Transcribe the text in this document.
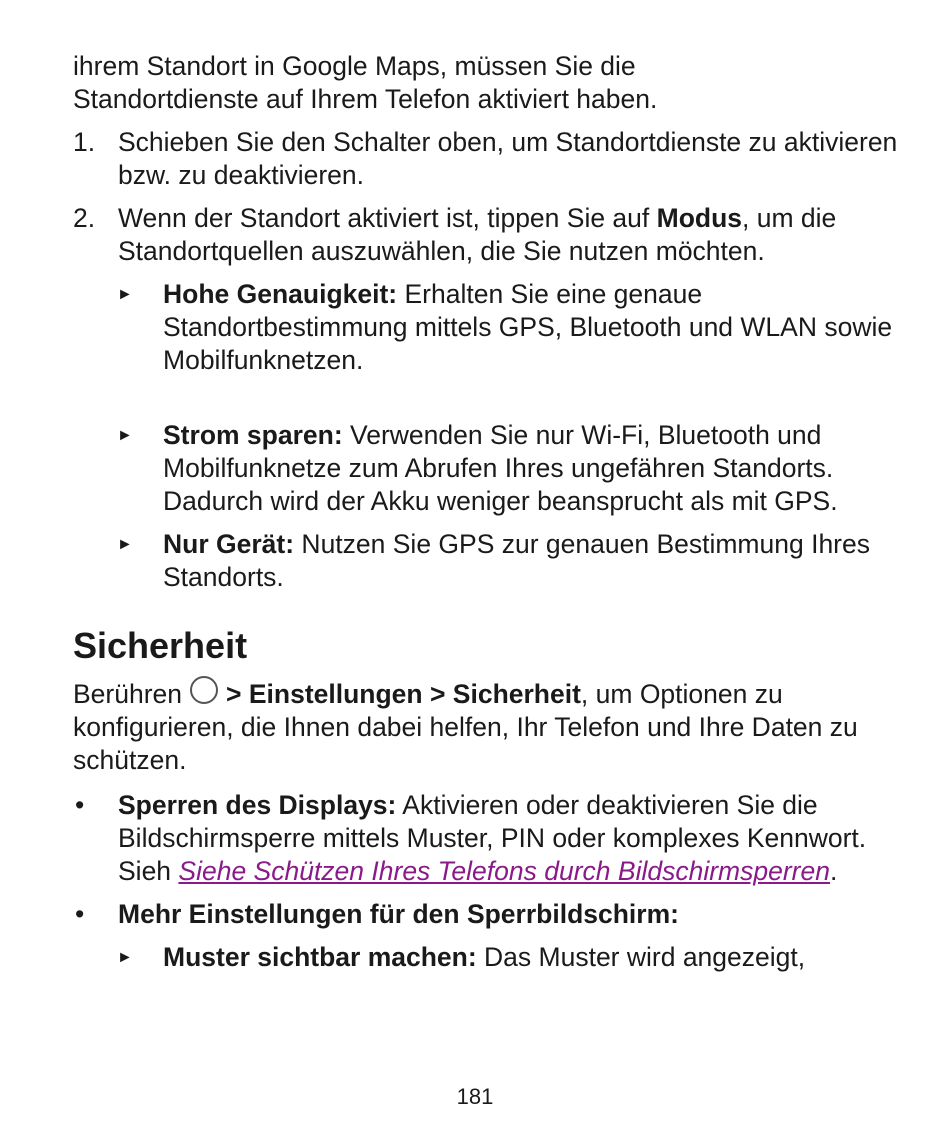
ihrem Standort in Google Maps, müssen Sie die
Standortdienste auf Ihrem Telefon aktiviert haben.

1. Schieben Sie den Schalter oben, um Standortdienste zu aktivieren bzw. zu deaktivieren.
2. Wenn der Standort aktiviert ist, tippen Sie auf Modus, um die Standortquellen auszuwählen, die Sie nutzen möchten.
► Hohe Genauigkeit: Erhalten Sie eine genaue Standortbestimmung mittels GPS, Bluetooth und WLAN sowie Mobilfunknetzen.
► Strom sparen: Verwenden Sie nur Wi-Fi, Bluetooth und Mobilfunknetze zum Abrufen Ihres ungefähren Standorts. Dadurch wird der Akku weniger beansprucht als mit GPS.
► Nur Gerät: Nutzen Sie GPS zur genauen Bestimmung Ihres Standorts.
Sicherheit

Berühren > Einstellungen > Sicherheit, um Optionen zu konfigurieren, die Ihnen dabei helfen, Ihr Telefon und Ihre Daten zu schützen.

• Sperren des Displays: Aktivieren oder deaktivieren Sie die Bildschirmsperre mittels Muster, PIN oder komplexes Kennwort. Sieh Siehe Schützen Ihres Telefons durch Bildschirmsperren.
• Mehr Einstellungen für den Sperrbildschirm:
► Muster sichtbar machen: Das Muster wird angezeigt,
181
